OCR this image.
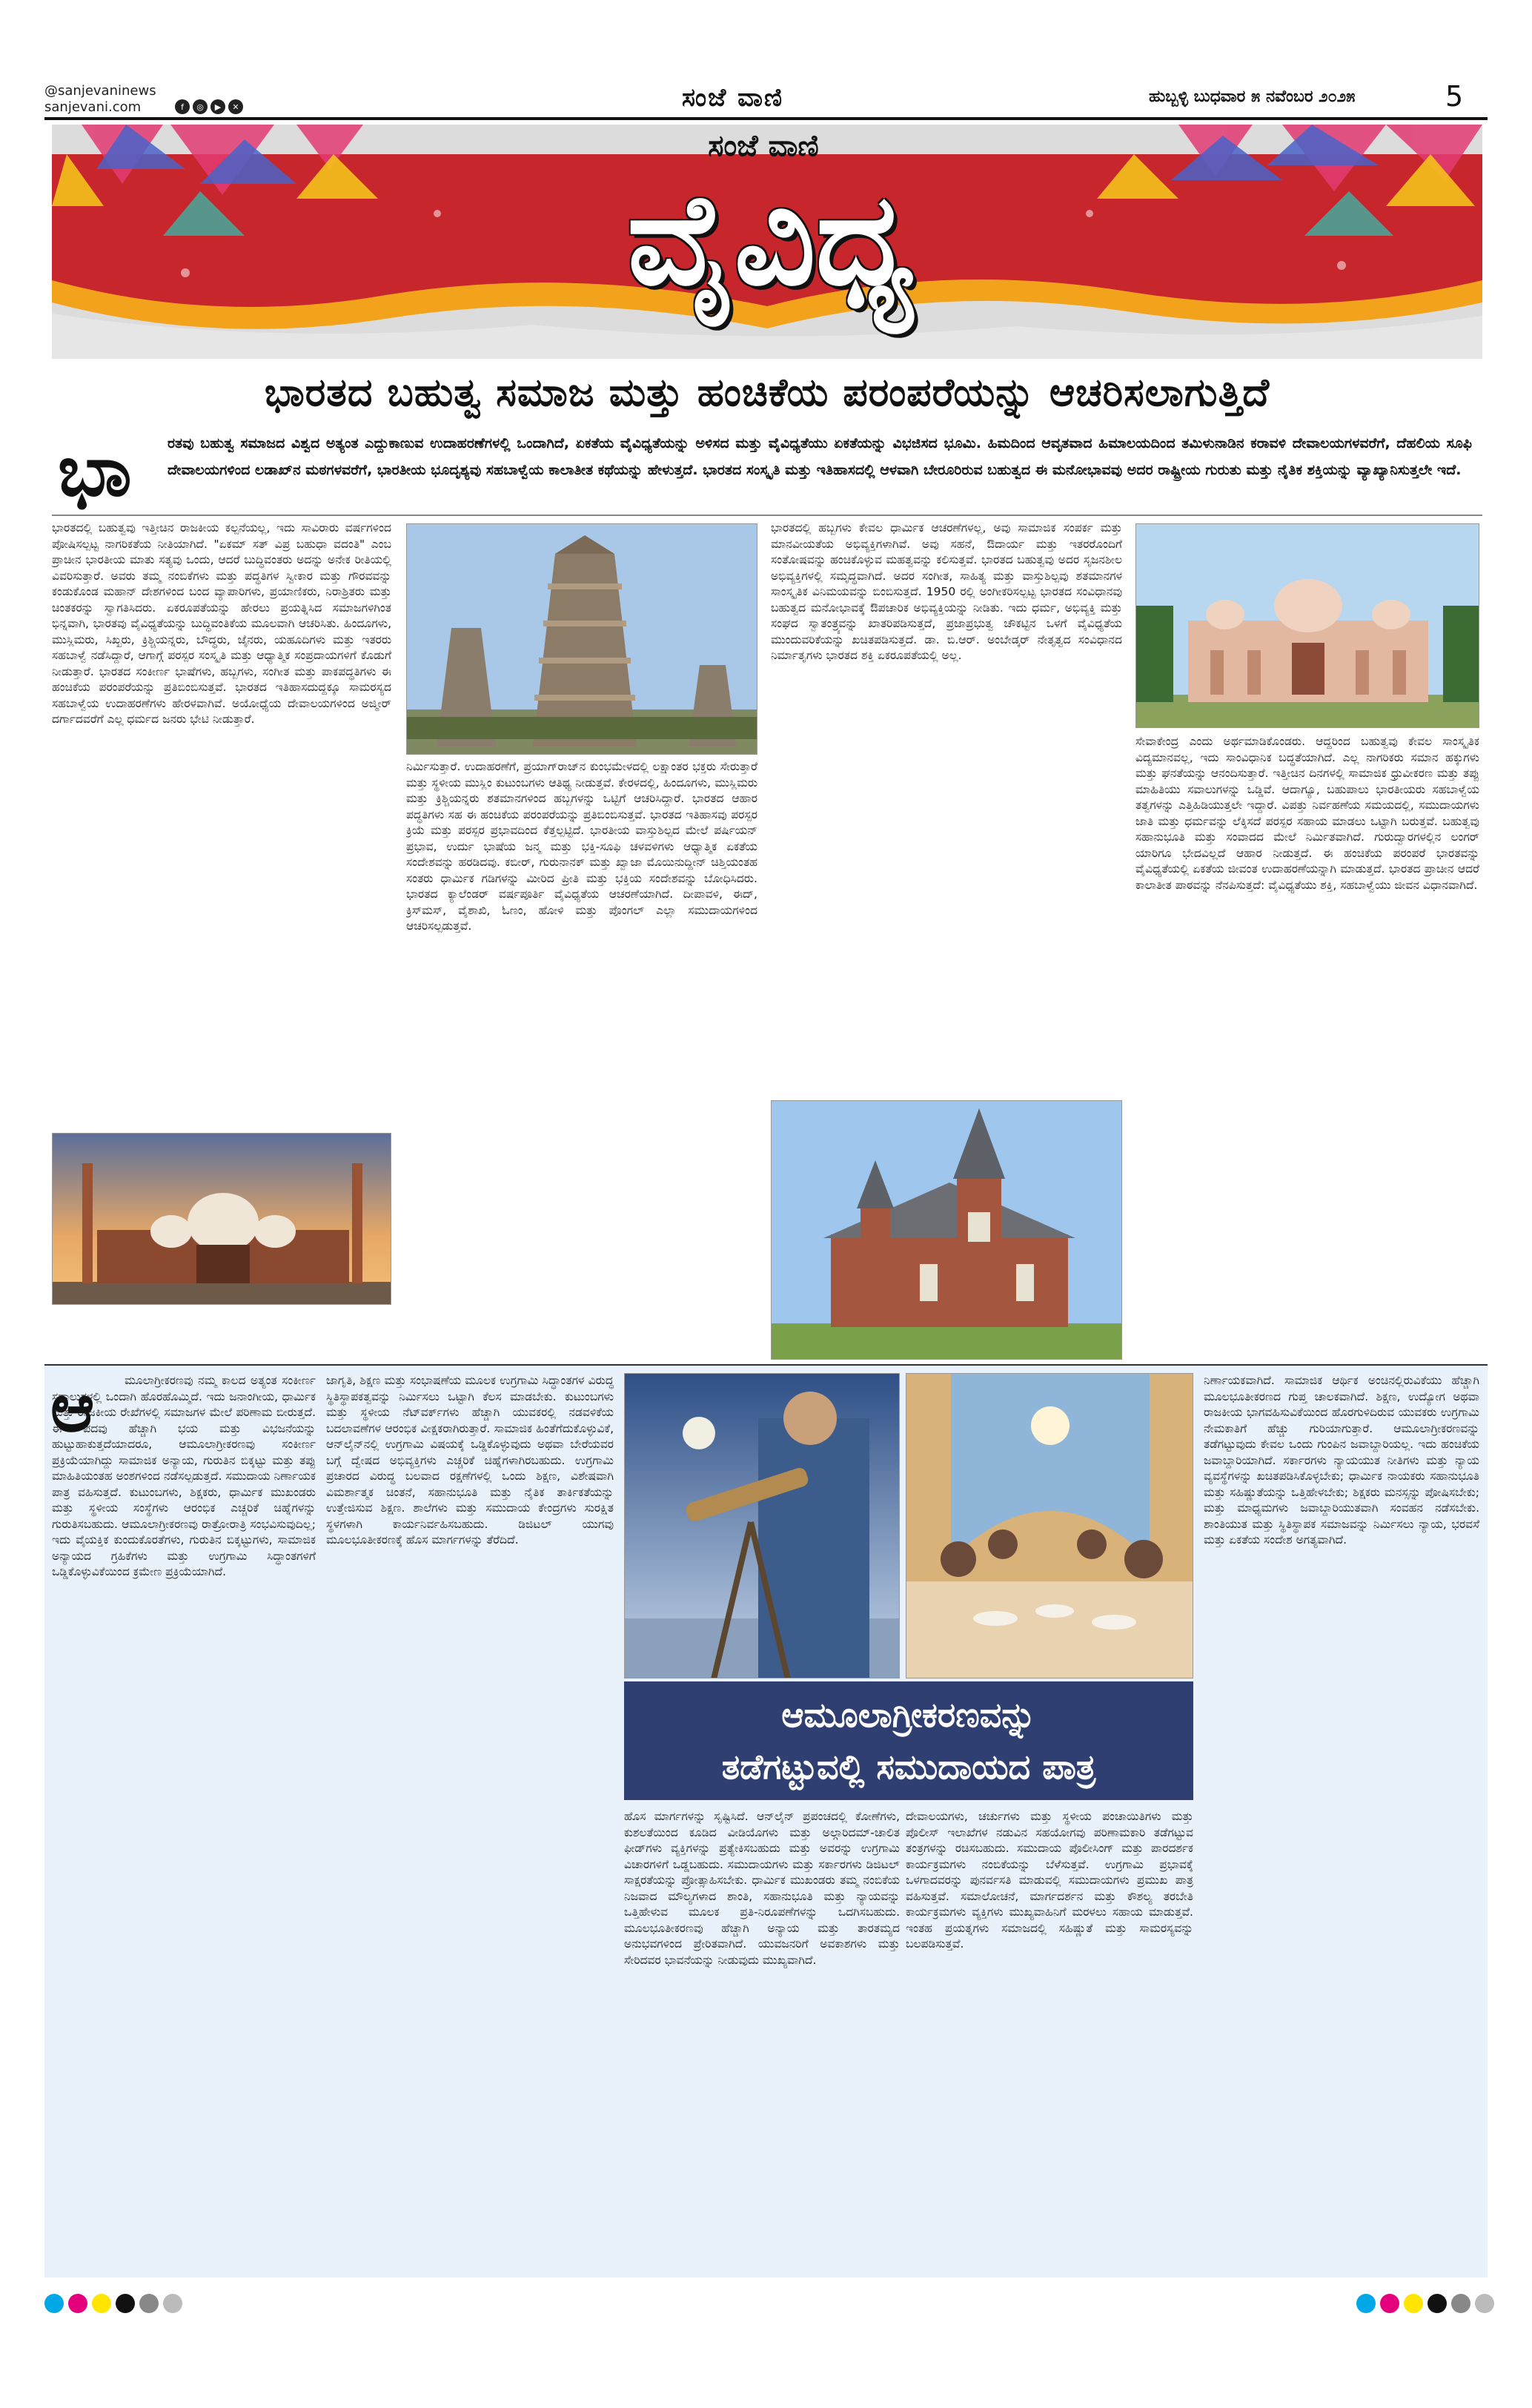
@sanjevaninews
sanjevani.com	f	◎	▶	✕	ಸಂಜೆ ವಾಣಿ	ಹುಬ್ಬಳ್ಳಿ ಬುಧವಾರ ೫ ನವೆಂಬರ ೨೦೨೫	5
ಸಂಜೆ ವಾಣಿ
ವೈವಿಧ್ಯ
ಭಾರತದ ಬಹುತ್ವ ಸಮಾಜ ಮತ್ತು ಹಂಚಿಕೆಯ ಪರಂಪರೆಯನ್ನು ಆಚರಿಸಲಾಗುತ್ತಿದೆ
ಭಾ	ರತವು ಬಹುತ್ವ ಸಮಾಜದ ವಿಶ್ವದ ಅತ್ಯಂತ ಎದ್ದುಕಾಣುವ ಉದಾಹರಣೆಗಳಲ್ಲಿ ಒಂದಾಗಿದೆ, ಏಕತೆಯ ವೈವಿಧ್ಯತೆಯನ್ನು ಅಳಿಸದ ಮತ್ತು ವೈವಿಧ್ಯತೆಯು ಏಕತೆಯನ್ನು ವಿಭಜಿಸದ ಭೂಮಿ. ಹಿಮದಿಂದ ಆವೃತವಾದ ಹಿಮಾಲಯದಿಂದ ತಮಿಳುನಾಡಿನ ಕರಾವಳಿ ದೇವಾಲಯಗಳವರೆಗೆ, ದೆಹಲಿಯ ಸೂಫಿ ದೇವಾಲಯಗಳಿಂದ ಲಡಾಖ್‌ನ ಮಠಗಳವರೆಗೆ, ಭಾರತೀಯ ಭೂದೃಶ್ಯವು ಸಹಬಾಳ್ವೆಯ ಕಾಲಾತೀತ ಕಥೆಯನ್ನು ಹೇಳುತ್ತದೆ. ಭಾರತದ ಸಂಸ್ಕೃತಿ ಮತ್ತು ಇತಿಹಾಸದಲ್ಲಿ ಆಳವಾಗಿ ಬೇರೂರಿರುವ ಬಹುತ್ವದ ಈ ಮನೋಭಾವವು ಅದರ ರಾಷ್ಟ್ರೀಯ ಗುರುತು ಮತ್ತು ನೈತಿಕ ಶಕ್ತಿಯನ್ನು ವ್ಯಾಖ್ಯಾನಿಸುತ್ತಲೇ ಇದೆ.
ಭಾರತದಲ್ಲಿ ಬಹುತ್ವವು ಇತ್ತೀಚಿನ ರಾಜಕೀಯ ಕಲ್ಪನೆಯಲ್ಲ, ಇದು ಸಾವಿರಾರು ವರ್ಷಗಳಿಂದ ಪೋಷಿಸಲ್ಪಟ್ಟ ನಾಗರಿಕತೆಯ ನೀತಿಯಾಗಿದೆ. "ಏಕಮ್ ಸತ್ ವಿಪ್ರ ಬಹುಧಾ ವದಂತಿ" ಎಂಬ ಪ್ರಾಚೀನ ಭಾರತೀಯ ಮಾತು ಸತ್ಯವು ಒಂದು, ಆದರೆ ಬುದ್ಧಿವಂತರು ಅದನ್ನು ಅನೇಕ ರೀತಿಯಲ್ಲಿ ವಿವರಿಸುತ್ತಾರೆ. ಅವರು ತಮ್ಮ ನಂಬಿಕೆಗಳು ಮತ್ತು ಪದ್ಧತಿಗಳ ಸ್ವೀಕಾರ ಮತ್ತು ಗೌರವವನ್ನು ಕಂಡುಕೊಂಡ ಮಹಾನ್ ದೇಶಗಳಿಂದ ಬಂದ ವ್ಯಾಪಾರಿಗಳು, ಪ್ರಯಾಣಿಕರು, ನಿರಾಶ್ರಿತರು ಮತ್ತು ಚಿಂತಕರನ್ನು ಸ್ವಾಗತಿಸಿದರು. ಏಕರೂಪತೆಯನ್ನು ಹೇರಲು ಪ್ರಯತ್ನಿಸಿದ ಸಮಾಜಗಳಿಗಿಂತ ಭಿನ್ನವಾಗಿ, ಭಾರತವು ವೈವಿಧ್ಯತೆಯನ್ನು ಬುದ್ಧಿವಂತಿಕೆಯ ಮೂಲವಾಗಿ ಆಚರಿಸಿತು. ಹಿಂದೂಗಳು, ಮುಸ್ಲಿಮರು, ಸಿಖ್ಖರು, ಕ್ರಿಶ್ಚಿಯನ್ನರು, ಬೌದ್ಧರು, ಜೈನರು, ಯಹೂದಿಗಳು ಮತ್ತು ಇತರರು ಸಹಬಾಳ್ವೆ ನಡೆಸಿದ್ದಾರೆ, ಆಗಾಗ್ಗೆ ಪರಸ್ಪರ ಸಂಸ್ಕೃತಿ ಮತ್ತು ಆಧ್ಯಾತ್ಮಿಕ ಸಂಪ್ರದಾಯಗಳಿಗೆ ಕೊಡುಗೆ ನೀಡುತ್ತಾರೆ. ಭಾರತದ ಸಂಕೀರ್ಣ ಭಾಷೆಗಳು, ಹಬ್ಬಗಳು, ಸಂಗೀತ ಮತ್ತು ಪಾಕಪದ್ಧತಿಗಳು ಈ ಹಂಚಿಕೆಯ ಪರಂಪರೆಯನ್ನು ಪ್ರತಿಬಿಂಬಿಸುತ್ತವೆ. ಭಾರತದ ಇತಿಹಾಸದುದ್ದಕ್ಕೂ ಸಾಮರಸ್ಯದ ಸಹಬಾಳ್ವೆಯ ಉದಾಹರಣೆಗಳು ಹೇರಳವಾಗಿವೆ. ಅಯೋಧ್ಯೆಯ ದೇವಾಲಯಗಳಿಂದ ಅಜ್ಮೀರ್ ದರ್ಗಾದವರೆಗೆ ಎಲ್ಲ ಧರ್ಮದ ಜನರು ಭೇಟಿ ನೀಡುತ್ತಾರೆ.
ನಿರ್ಮಿಸುತ್ತಾರೆ. ಉದಾಹರಣೆಗೆ, ಪ್ರಯಾಗ್‌ರಾಜ್‌ನ ಕುಂಭಮೇಳದಲ್ಲಿ ಲಕ್ಷಾಂತರ ಭಕ್ತರು ಸೇರುತ್ತಾರೆ ಮತ್ತು ಸ್ಥಳೀಯ ಮುಸ್ಲಿಂ ಕುಟುಂಬಗಳು ಆತಿಥ್ಯ ನೀಡುತ್ತವೆ. ಕೇರಳದಲ್ಲಿ, ಹಿಂದೂಗಳು, ಮುಸ್ಲಿಮರು ಮತ್ತು ಕ್ರಿಶ್ಚಿಯನ್ನರು ಶತಮಾನಗಳಿಂದ ಹಬ್ಬಗಳನ್ನು ಒಟ್ಟಿಗೆ ಆಚರಿಸಿದ್ದಾರೆ. ಭಾರತದ ಆಹಾರ ಪದ್ಧತಿಗಳು ಸಹ ಈ ಹಂಚಿಕೆಯ ಪರಂಪರೆಯನ್ನು ಪ್ರತಿಬಿಂಬಿಸುತ್ತವೆ. ಭಾರತದ ಇತಿಹಾಸವು ಪರಸ್ಪರ ಕ್ರಿಯೆ ಮತ್ತು ಪರಸ್ಪರ ಪ್ರಭಾವದಿಂದ ಕೆತ್ತಲ್ಪಟ್ಟಿದೆ. ಭಾರತೀಯ ವಾಸ್ತುಶಿಲ್ಪದ ಮೇಲೆ ಪರ್ಷಿಯನ್ ಪ್ರಭಾವ, ಉರ್ದು ಭಾಷೆಯ ಜನ್ಮ ಮತ್ತು ಭಕ್ತಿ-ಸೂಫಿ ಚಳವಳಿಗಳು ಆಧ್ಯಾತ್ಮಿಕ ಏಕತೆಯ ಸಂದೇಶವನ್ನು ಹರಡಿದವು. ಕಬೀರ್, ಗುರುನಾನಕ್ ಮತ್ತು ಖ್ವಾಜಾ ಮೊಯಿನುದ್ದೀನ್ ಚಿಶ್ತಿಯಂತಹ ಸಂತರು ಧಾರ್ಮಿಕ ಗಡಿಗಳನ್ನು ಮೀರಿದ ಪ್ರೀತಿ ಮತ್ತು ಭಕ್ತಿಯ ಸಂದೇಶವನ್ನು ಬೋಧಿಸಿದರು. ಭಾರತದ ಕ್ಯಾಲೆಂಡರ್ ವರ್ಷಪೂರ್ತಿ ವೈವಿಧ್ಯತೆಯ ಆಚರಣೆಯಾಗಿದೆ. ದೀಪಾವಳಿ, ಈದ್, ಕ್ರಿಸ್‌ಮಸ್, ವೈಶಾಖಿ, ಓಣಂ, ಹೋಳಿ ಮತ್ತು ಪೊಂಗಲ್ ಎಲ್ಲಾ ಸಮುದಾಯಗಳಿಂದ ಆಚರಿಸಲ್ಪಡುತ್ತವೆ.
ಭಾರತದಲ್ಲಿ ಹಬ್ಬಗಳು ಕೇವಲ ಧಾರ್ಮಿಕ ಆಚರಣೆಗಳಲ್ಲ, ಅವು ಸಾಮಾಜಿಕ ಸಂಪರ್ಕ ಮತ್ತು ಮಾನವೀಯತೆಯ ಅಭಿವ್ಯಕ್ತಿಗಳಾಗಿವೆ. ಅವು ಸಹನೆ, ಔದಾರ್ಯ ಮತ್ತು ಇತರರೊಂದಿಗೆ ಸಂತೋಷವನ್ನು ಹಂಚಿಕೊಳ್ಳುವ ಮಹತ್ವವನ್ನು ಕಲಿಸುತ್ತವೆ. ಭಾರತದ ಬಹುತ್ವವು ಅದರ ಸೃಜನಶೀಲ ಅಭಿವ್ಯಕ್ತಿಗಳಲ್ಲಿ ಸಮೃದ್ಧವಾಗಿದೆ. ಅದರ ಸಂಗೀತ, ಸಾಹಿತ್ಯ ಮತ್ತು ವಾಸ್ತುಶಿಲ್ಪವು ಶತಮಾನಗಳ ಸಾಂಸ್ಕೃತಿಕ ವಿನಿಮಯವನ್ನು ಬಿಂಬಿಸುತ್ತದೆ. 1950 ರಲ್ಲಿ ಅಂಗೀಕರಿಸಲ್ಪಟ್ಟ ಭಾರತದ ಸಂವಿಧಾನವು ಬಹುತ್ವದ ಮನೋಭಾವಕ್ಕೆ ಔಪಚಾರಿಕ ಅಭಿವ್ಯಕ್ತಿಯನ್ನು ನೀಡಿತು. ಇದು ಧರ್ಮ, ಅಭಿವ್ಯಕ್ತಿ ಮತ್ತು ಸಂಘದ ಸ್ವಾತಂತ್ರ್ಯವನ್ನು ಖಾತರಿಪಡಿಸುತ್ತದೆ, ಪ್ರಜಾಪ್ರಭುತ್ವ ಚೌಕಟ್ಟಿನ ಒಳಗೆ ವೈವಿಧ್ಯತೆಯ ಮುಂದುವರಿಕೆಯನ್ನು ಖಚಿತಪಡಿಸುತ್ತದೆ. ಡಾ. ಬಿ.ಆರ್. ಅಂಬೇಡ್ಕರ್ ನೇತೃತ್ವದ ಸಂವಿಧಾನದ ನಿರ್ಮಾತೃಗಳು ಭಾರತದ ಶಕ್ತಿ ಏಕರೂಪತೆಯಲ್ಲಿ ಅಲ್ಲ.
ಸೇವಾಕೇಂದ್ರ ಎಂದು ಅರ್ಥಮಾಡಿಕೊಂಡರು. ಆದ್ದರಿಂದ ಬಹುತ್ವವು ಕೇವಲ ಸಾಂಸ್ಕೃತಿಕ ವಿದ್ಯಮಾನವಲ್ಲ, ಇದು ಸಾಂವಿಧಾನಿಕ ಬದ್ಧತೆಯಾಗಿದೆ. ಎಲ್ಲ ನಾಗರಿಕರು ಸಮಾನ ಹಕ್ಕುಗಳು ಮತ್ತು ಘನತೆಯನ್ನು ಆನಂದಿಸುತ್ತಾರೆ. ಇತ್ತೀಚಿನ ದಿನಗಳಲ್ಲಿ ಸಾಮಾಜಿಕ ಧ್ರುವೀಕರಣ ಮತ್ತು ತಪ್ಪು ಮಾಹಿತಿಯು ಸವಾಲುಗಳನ್ನು ಒಡ್ಡಿವೆ. ಆದಾಗ್ಯೂ, ಬಹುಪಾಲು ಭಾರತೀಯರು ಸಹಬಾಳ್ವೆಯ ತತ್ವಗಳನ್ನು ಎತ್ತಿಹಿಡಿಯುತ್ತಲೇ ಇದ್ದಾರೆ. ವಿಪತ್ತು ನಿರ್ವಹಣೆಯ ಸಮಯದಲ್ಲಿ, ಸಮುದಾಯಗಳು ಜಾತಿ ಮತ್ತು ಧರ್ಮವನ್ನು ಲೆಕ್ಕಿಸದೆ ಪರಸ್ಪರ ಸಹಾಯ ಮಾಡಲು ಒಟ್ಟಾಗಿ ಬರುತ್ತವೆ. ಬಹುತ್ವವು ಸಹಾನುಭೂತಿ ಮತ್ತು ಸಂವಾದದ ಮೇಲೆ ನಿರ್ಮಿತವಾಗಿದೆ. ಗುರುದ್ವಾರಗಳಲ್ಲಿನ ಲಂಗರ್ ಯಾರಿಗೂ ಭೇದವಿಲ್ಲದೆ ಆಹಾರ ನೀಡುತ್ತದೆ. ಈ ಹಂಚಿಕೆಯ ಪರಂಪರೆ ಭಾರತವನ್ನು ವೈವಿಧ್ಯತೆಯಲ್ಲಿ ಏಕತೆಯ ಜೀವಂತ ಉದಾಹರಣೆಯನ್ನಾಗಿ ಮಾಡುತ್ತದೆ. ಭಾರತದ ಪ್ರಾಚೀನ ಆದರೆ ಕಾಲಾತೀತ ಪಾಠವನ್ನು ನೆನಪಿಸುತ್ತದೆ: ವೈವಿಧ್ಯತೆಯು ಶಕ್ತಿ, ಸಹಬಾಳ್ವೆಯು ಜೀವನ ವಿಧಾನವಾಗಿದೆ.
ಆ	ಮೂಲಾಗ್ರೀಕರಣವು ನಮ್ಮ ಕಾಲದ ಅತ್ಯಂತ ಸಂಕೀರ್ಣ ಸವಾಲುಗಳಲ್ಲಿ ಒಂದಾಗಿ ಹೊರಹೊಮ್ಮಿದೆ. ಇದು ಜನಾಂಗೀಯ, ಧಾರ್ಮಿಕ ಮತ್ತು ರಾಜಕೀಯ ರೇಖೆಗಳಲ್ಲಿ ಸಮಾಜಗಳ ಮೇಲೆ ಪರಿಣಾಮ ಬೀರುತ್ತದೆ. ಈ ಪದವು ಹೆಚ್ಚಾಗಿ ಭಯ ಮತ್ತು ವಿಭಜನೆಯನ್ನು ಹುಟ್ಟುಹಾಕುತ್ತದೆಯಾದರೂ, ಆಮೂಲಾಗ್ರೀಕರಣವು ಸಂಕೀರ್ಣ ಪ್ರಕ್ರಿಯೆಯಾಗಿದ್ದು ಸಾಮಾಜಿಕ ಅನ್ಯಾಯ, ಗುರುತಿನ ಬಿಕ್ಕಟ್ಟು ಮತ್ತು ತಪ್ಪು ಮಾಹಿತಿಯಂತಹ ಅಂಶಗಳಿಂದ ನಡೆಸಲ್ಪಡುತ್ತದೆ. ಸಮುದಾಯ ನಿರ್ಣಾಯಕ ಪಾತ್ರ ವಹಿಸುತ್ತದೆ. ಕುಟುಂಬಗಳು, ಶಿಕ್ಷಕರು, ಧಾರ್ಮಿಕ ಮುಖಂಡರು ಮತ್ತು ಸ್ಥಳೀಯ ಸಂಸ್ಥೆಗಳು ಆರಂಭಿಕ ಎಚ್ಚರಿಕೆ ಚಿಹ್ನೆಗಳನ್ನು ಗುರುತಿಸಬಹುದು. ಆಮೂಲಾಗ್ರೀಕರಣವು ರಾತ್ರೋರಾತ್ರಿ ಸಂಭವಿಸುವುದಿಲ್ಲ; ಇದು ವೈಯಕ್ತಿಕ ಕುಂದುಕೊರತೆಗಳು, ಗುರುತಿನ ಬಿಕ್ಕಟ್ಟುಗಳು, ಸಾಮಾಜಿಕ ಅನ್ಯಾಯದ ಗ್ರಹಿಕೆಗಳು ಮತ್ತು ಉಗ್ರಗಾಮಿ ಸಿದ್ಧಾಂತಗಳಿಗೆ ಒಡ್ಡಿಕೊಳ್ಳುವಿಕೆಯಿಂದ ಕ್ರಮೇಣ ಪ್ರಕ್ರಿಯೆಯಾಗಿದೆ.
ಜಾಗೃತಿ, ಶಿಕ್ಷಣ ಮತ್ತು ಸಂಭಾಷಣೆಯ ಮೂಲಕ ಉಗ್ರಗಾಮಿ ಸಿದ್ಧಾಂತಗಳ ವಿರುದ್ಧ ಸ್ಥಿತಿಸ್ಥಾಪಕತ್ವವನ್ನು ನಿರ್ಮಿಸಲು ಒಟ್ಟಾಗಿ ಕೆಲಸ ಮಾಡಬೇಕು. ಕುಟುಂಬಗಳು ಮತ್ತು ಸ್ಥಳೀಯ ನೆಟ್‌ವರ್ಕ್‌ಗಳು ಹೆಚ್ಚಾಗಿ ಯುವಕರಲ್ಲಿ ನಡವಳಿಕೆಯ ಬದಲಾವಣೆಗಳ ಆರಂಭಿಕ ವೀಕ್ಷಕರಾಗಿರುತ್ತಾರೆ. ಸಾಮಾಜಿಕ ಹಿಂತೆಗೆದುಕೊಳ್ಳುವಿಕೆ, ಆನ್‌ಲೈನ್‌ನಲ್ಲಿ ಉಗ್ರಗಾಮಿ ವಿಷಯಕ್ಕೆ ಒಡ್ಡಿಕೊಳ್ಳುವುದು ಅಥವಾ ಬೇರೆಯವರ ಬಗ್ಗೆ ದ್ವೇಷದ ಅಭಿವ್ಯಕ್ತಿಗಳು ಎಚ್ಚರಿಕೆ ಚಿಹ್ನೆಗಳಾಗಿರಬಹುದು. ಉಗ್ರಗಾಮಿ ಪ್ರಚಾರದ ವಿರುದ್ಧ ಬಲವಾದ ರಕ್ಷಣೆಗಳಲ್ಲಿ ಒಂದು ಶಿಕ್ಷಣ, ವಿಶೇಷವಾಗಿ ವಿಮರ್ಶಾತ್ಮಕ ಚಿಂತನೆ, ಸಹಾನುಭೂತಿ ಮತ್ತು ನೈತಿಕ ತಾರ್ಕಿಕತೆಯನ್ನು ಉತ್ತೇಜಿಸುವ ಶಿಕ್ಷಣ. ಶಾಲೆಗಳು ಮತ್ತು ಸಮುದಾಯ ಕೇಂದ್ರಗಳು ಸುರಕ್ಷಿತ ಸ್ಥಳಗಳಾಗಿ ಕಾರ್ಯನಿರ್ವಹಿಸಬಹುದು. ಡಿಜಿಟಲ್ ಯುಗವು ಮೂಲಭೂತೀಕರಣಕ್ಕೆ ಹೊಸ ಮಾರ್ಗಗಳನ್ನು ತೆರೆದಿದೆ.
ಆಮೂಲಾಗ್ರೀಕರಣವನ್ನು
ತಡೆಗಟ್ಟುವಲ್ಲಿ ಸಮುದಾಯದ ಪಾತ್ರ
ಹೊಸ ಮಾರ್ಗಗಳನ್ನು ಸೃಷ್ಟಿಸಿದೆ. ಆನ್‌ಲೈನ್ ಪ್ರಪಂಚದಲ್ಲಿ ಕೋಣೆಗಳು, ಕುಶಲತೆಯಿಂದ ಕೂಡಿದ ವೀಡಿಯೊಗಳು ಮತ್ತು ಅಲ್ಗಾರಿದಮ್-ಚಾಲಿತ ಫೀಡ್‌ಗಳು ವ್ಯಕ್ತಿಗಳನ್ನು ಪ್ರತ್ಯೇಕಿಸಬಹುದು ಮತ್ತು ಅವರನ್ನು ಉಗ್ರಗಾಮಿ ವಿಚಾರಗಳಿಗೆ ಒಡ್ಡಬಹುದು. ಸಮುದಾಯಗಳು ಮತ್ತು ಸರ್ಕಾರಗಳು ಡಿಜಿಟಲ್ ಸಾಕ್ಷರತೆಯನ್ನು ಪ್ರೋತ್ಸಾಹಿಸಬೇಕು. ಧಾರ್ಮಿಕ ಮುಖಂಡರು ತಮ್ಮ ನಂಬಿಕೆಯ ನಿಜವಾದ ಮೌಲ್ಯಗಳಾದ ಶಾಂತಿ, ಸಹಾನುಭೂತಿ ಮತ್ತು ನ್ಯಾಯವನ್ನು ಒತ್ತಿಹೇಳುವ ಮೂಲಕ ಪ್ರತಿ-ನಿರೂಪಣೆಗಳನ್ನು ಒದಗಿಸಬಹುದು. ಮೂಲಭೂತೀಕರಣವು ಹೆಚ್ಚಾಗಿ ಅನ್ಯಾಯ ಮತ್ತು ತಾರತಮ್ಯದ ಅನುಭವಗಳಿಂದ ಪ್ರೇರಿತವಾಗಿದೆ. ಯುವಜನರಿಗೆ ಅವಕಾಶಗಳು ಮತ್ತು ಸೇರಿದವರ ಭಾವನೆಯನ್ನು ನೀಡುವುದು ಮುಖ್ಯವಾಗಿದೆ.
ದೇವಾಲಯಗಳು, ಚರ್ಚುಗಳು ಮತ್ತು ಸ್ಥಳೀಯ ಪಂಚಾಯಿತಿಗಳು ಮತ್ತು ಪೊಲೀಸ್ ಇಲಾಖೆಗಳ ನಡುವಿನ ಸಹಯೋಗವು ಪರಿಣಾಮಕಾರಿ ತಡೆಗಟ್ಟುವ ತಂತ್ರಗಳನ್ನು ರಚಿಸಬಹುದು. ಸಮುದಾಯ ಪೊಲೀಸಿಂಗ್ ಮತ್ತು ಪಾರದರ್ಶಕ ಕಾರ್ಯಕ್ರಮಗಳು ನಂಬಿಕೆಯನ್ನು ಬೆಳೆಸುತ್ತವೆ. ಉಗ್ರಗಾಮಿ ಪ್ರಭಾವಕ್ಕೆ ಒಳಗಾದವರನ್ನು ಪುನರ್ವಸತಿ ಮಾಡುವಲ್ಲಿ ಸಮುದಾಯಗಳು ಪ್ರಮುಖ ಪಾತ್ರ ವಹಿಸುತ್ತವೆ. ಸಮಾಲೋಚನೆ, ಮಾರ್ಗದರ್ಶನ ಮತ್ತು ಕೌಶಲ್ಯ ತರಬೇತಿ ಕಾರ್ಯಕ್ರಮಗಳು ವ್ಯಕ್ತಿಗಳು ಮುಖ್ಯವಾಹಿನಿಗೆ ಮರಳಲು ಸಹಾಯ ಮಾಡುತ್ತವೆ. ಇಂತಹ ಪ್ರಯತ್ನಗಳು ಸಮಾಜದಲ್ಲಿ ಸಹಿಷ್ಣುತೆ ಮತ್ತು ಸಾಮರಸ್ಯವನ್ನು ಬಲಪಡಿಸುತ್ತವೆ.
ನಿರ್ಣಾಯಕವಾಗಿದೆ. ಸಾಮಾಜಿಕ ಆರ್ಥಿಕ ಅಂಚಿನಲ್ಲಿರುವಿಕೆಯು ಹೆಚ್ಚಾಗಿ ಮೂಲಭೂತೀಕರಣದ ಗುಪ್ತ ಚಾಲಕವಾಗಿದೆ. ಶಿಕ್ಷಣ, ಉದ್ಯೋಗ ಅಥವಾ ರಾಜಕೀಯ ಭಾಗವಹಿಸುವಿಕೆಯಿಂದ ಹೊರಗುಳಿದಿರುವ ಯುವಕರು ಉಗ್ರಗಾಮಿ ನೇಮಕಾತಿಗೆ ಹೆಚ್ಚು ಗುರಿಯಾಗುತ್ತಾರೆ. ಆಮೂಲಾಗ್ರೀಕರಣವನ್ನು ತಡೆಗಟ್ಟುವುದು ಕೇವಲ ಒಂದು ಗುಂಪಿನ ಜವಾಬ್ದಾರಿಯಲ್ಲ. ಇದು ಹಂಚಿಕೆಯ ಜವಾಬ್ದಾರಿಯಾಗಿದೆ. ಸರ್ಕಾರಗಳು ನ್ಯಾಯಯುತ ನೀತಿಗಳು ಮತ್ತು ನ್ಯಾಯ ವ್ಯವಸ್ಥೆಗಳನ್ನು ಖಚಿತಪಡಿಸಿಕೊಳ್ಳಬೇಕು; ಧಾರ್ಮಿಕ ನಾಯಕರು ಸಹಾನುಭೂತಿ ಮತ್ತು ಸಹಿಷ್ಣುತೆಯನ್ನು ಒತ್ತಿಹೇಳಬೇಕು; ಶಿಕ್ಷಕರು ಮನಸ್ಸನ್ನು ಪೋಷಿಸಬೇಕು; ಮತ್ತು ಮಾಧ್ಯಮಗಳು ಜವಾಬ್ದಾರಿಯುತವಾಗಿ ಸಂವಹನ ನಡೆಸಬೇಕು. ಶಾಂತಿಯುತ ಮತ್ತು ಸ್ಥಿತಿಸ್ಥಾಪಕ ಸಮಾಜವನ್ನು ನಿರ್ಮಿಸಲು ನ್ಯಾಯ, ಭರವಸೆ ಮತ್ತು ಏಕತೆಯ ಸಂದೇಶ ಅಗತ್ಯವಾಗಿದೆ.
